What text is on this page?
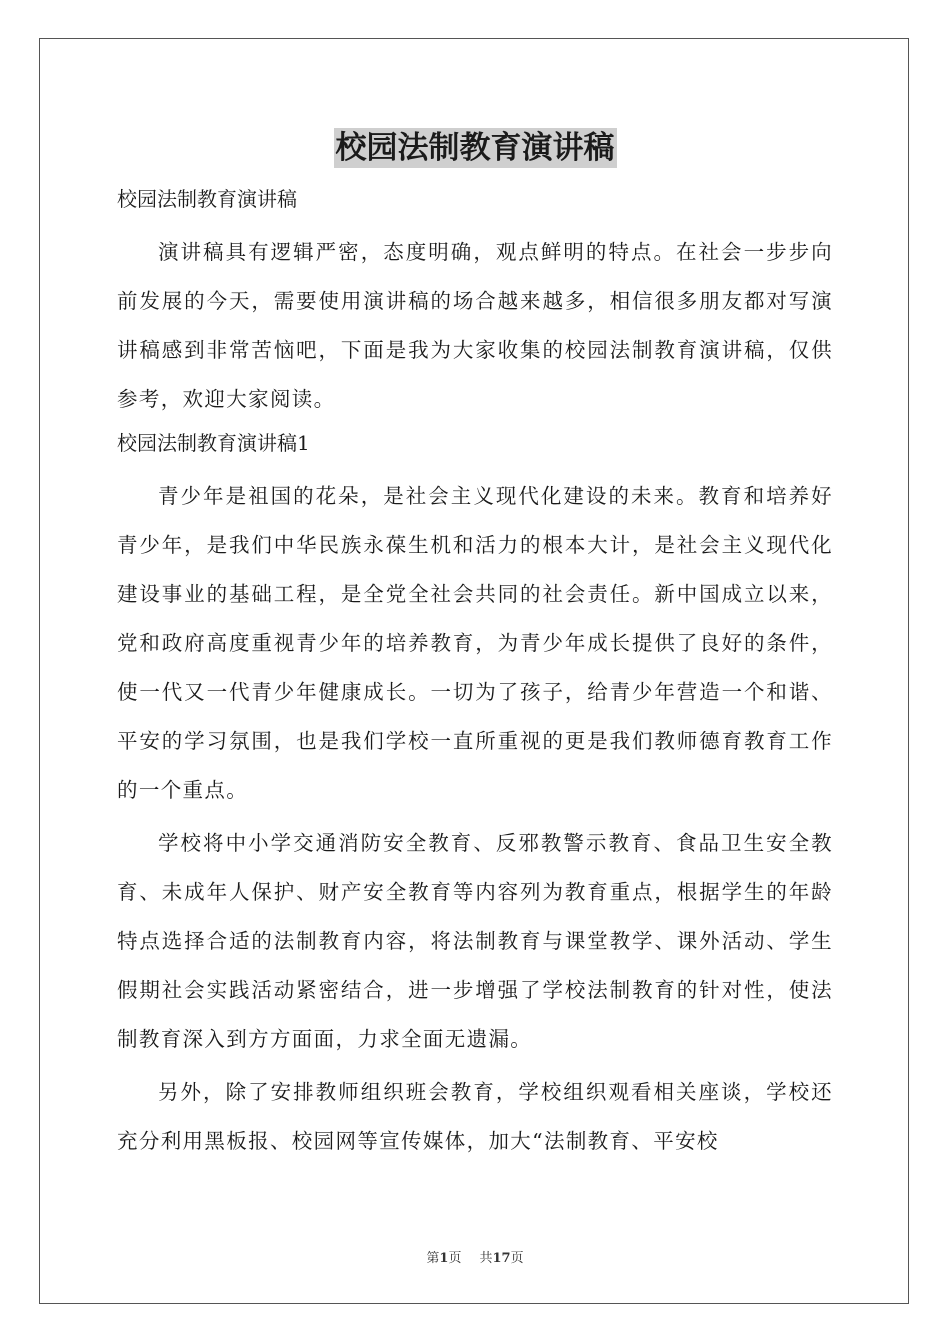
校园法制教育演讲稿
校园法制教育演讲稿

演讲稿具有逻辑严密，态度明确，观点鲜明的特点。在社会一步步向前发展的今天，需要使用演讲稿的场合越来越多，相信很多朋友都对写演讲稿感到非常苦恼吧，下面是我为大家收集的校园法制教育演讲稿，仅供参考，欢迎大家阅读。

校园法制教育演讲稿1

青少年是祖国的花朵，是社会主义现代化建设的未来。教育和培养好青少年，是我们中华民族永葆生机和活力的根本大计，是社会主义现代化建设事业的基础工程，是全党全社会共同的社会责任。新中国成立以来，党和政府高度重视青少年的培养教育，为青少年成长提供了良好的条件，使一代又一代青少年健康成长。一切为了孩子，给青少年营造一个和谐、平安的学习氛围，也是我们学校一直所重视的更是我们教师德育教育工作的一个重点。

学校将中小学交通消防安全教育、反邪教警示教育、食品卫生安全教育、未成年人保护、财产安全教育等内容列为教育重点，根据学生的年龄特点选择合适的法制教育内容，将法制教育与课堂教学、课外活动、学生假期社会实践活动紧密结合，进一步增强了学校法制教育的针对性，使法制教育深入到方方面面，力求全面无遗漏。

另外，除了安排教师组织班会教育，学校组织观看相关座谈，学校还充分利用黑板报、校园网等宣传媒体，加大“法制教育、平安校

第1页 共17页
